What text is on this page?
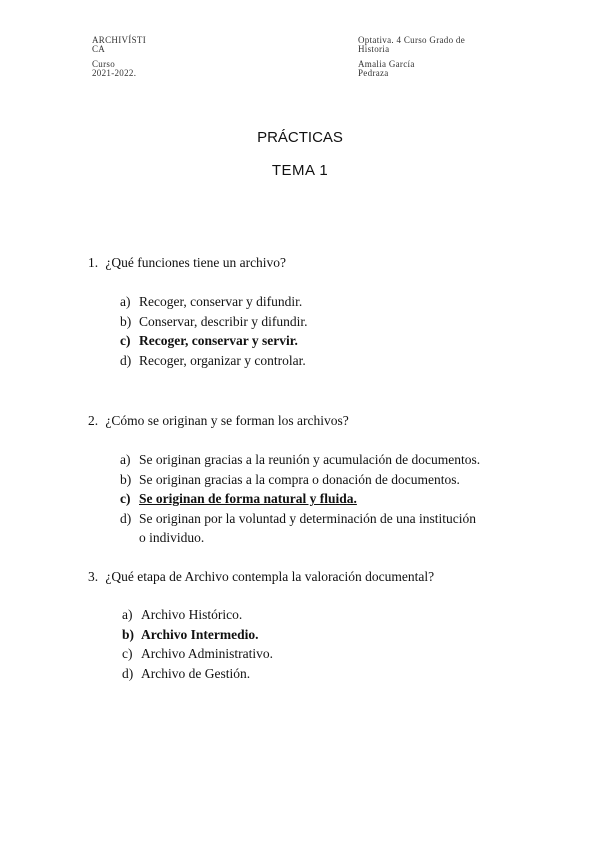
ARCHIVÍSTI
CA
Curso
2021-2022.
Optativa. 4 Curso Grado de
Historia
Amalia García
Pedraza
PRÁCTICAS
TEMA 1
1. ¿Qué funciones tiene un archivo?
a) Recoger, conservar y difundir.
b) Conservar, describir y difundir.
c) Recoger, conservar y servir.
d) Recoger, organizar y controlar.
2. ¿Cómo se originan y se forman los archivos?
a) Se originan gracias a la reunión y acumulación de documentos.
b) Se originan gracias a la compra o donación de documentos.
c) Se originan de forma natural y fluida.
d) Se originan por la voluntad y determinación de una institución
o individuo.
3. ¿Qué etapa de Archivo contempla la valoración documental?
a) Archivo Histórico.
b) Archivo Intermedio.
c) Archivo Administrativo.
d) Archivo de Gestión.
